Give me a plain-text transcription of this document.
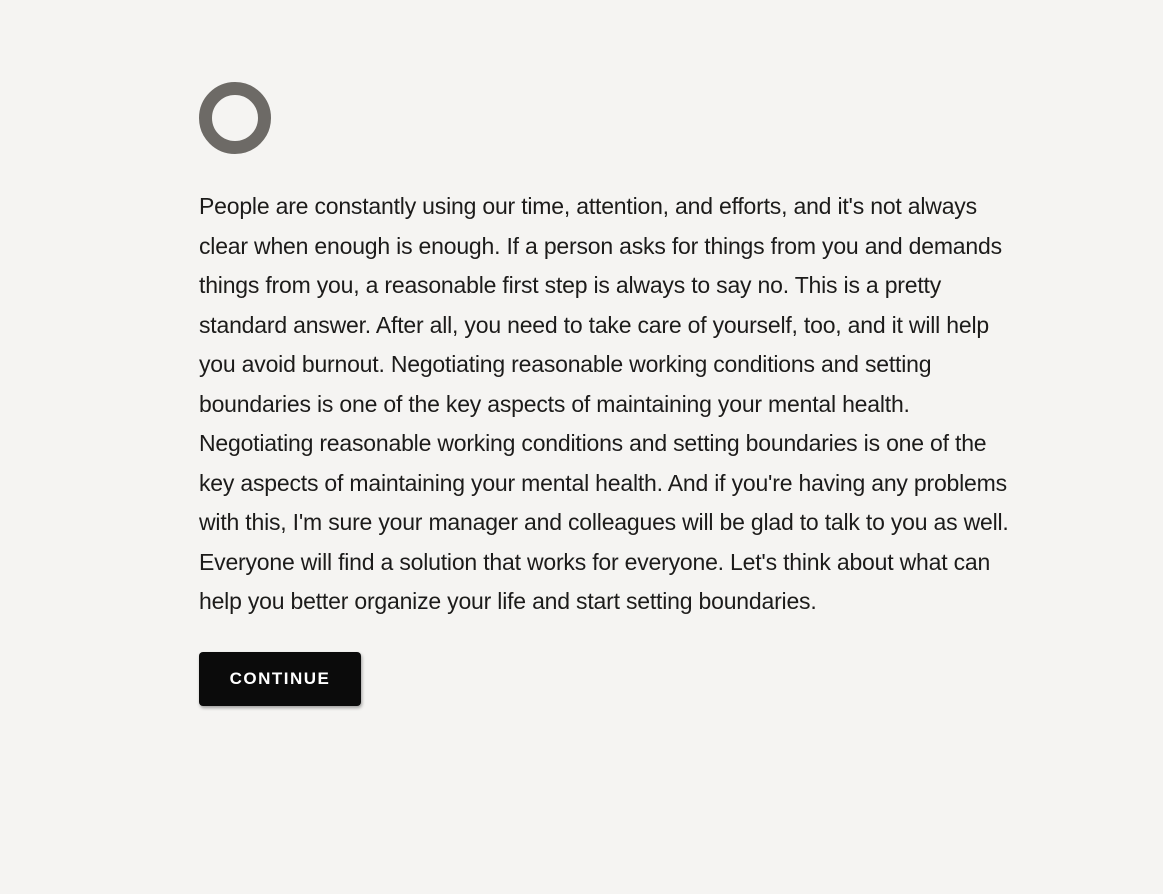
People are constantly using our time, attention, and efforts, and it's not always clear when enough is enough. If a person asks for things from you and demands things from you, a reasonable first step is always to say no. This is a pretty standard answer. After all, you need to take care of yourself, too, and it will help you avoid burnout. Negotiating reasonable working conditions and setting boundaries is one of the key aspects of maintaining your mental health. Negotiating reasonable working conditions and setting boundaries is one of the key aspects of maintaining your mental health. And if you're having any problems with this, I'm sure your manager and colleagues will be glad to talk to you as well. Everyone will find a solution that works for everyone. Let's think about what can help you better organize your life and start setting boundaries.

CONTINUE
